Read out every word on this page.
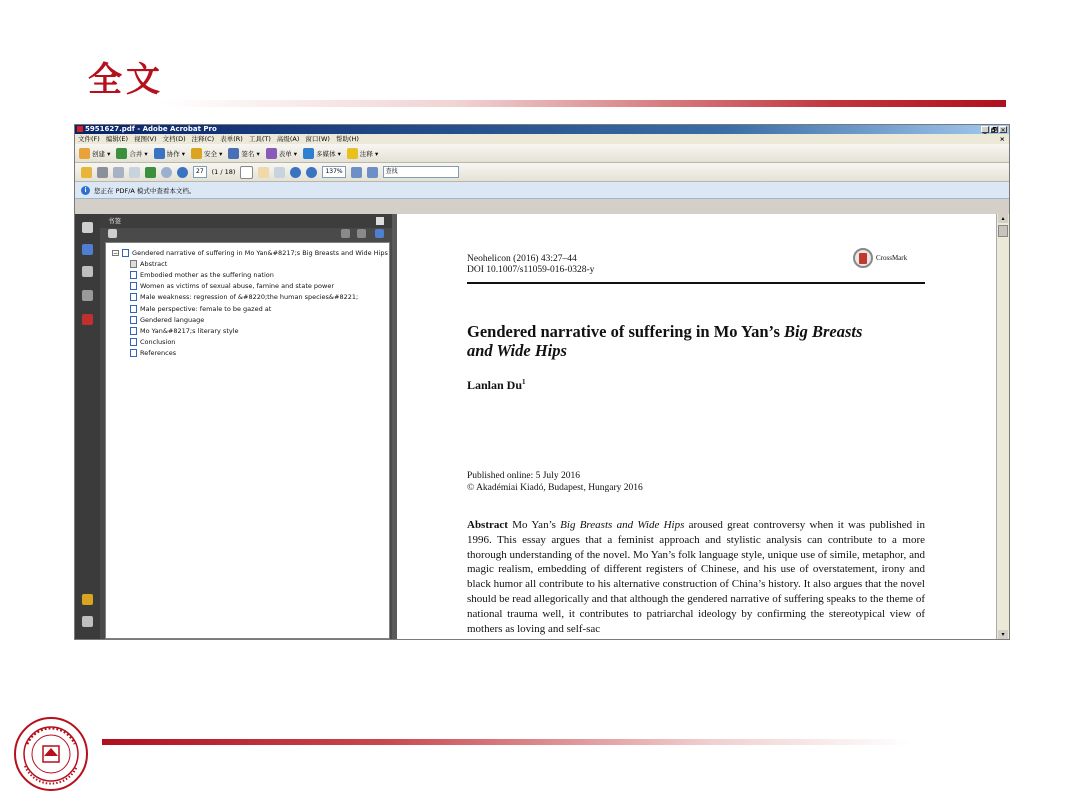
全文
5951627.pdf - Adobe Acrobat Pro	_ 🗗 ✕
文件(F) 编辑(E) 视图(V) 文档(D) 注释(C) 表单(R) 工具(T) 高级(A) 窗口(W) 帮助(H)	×
创建 ▾	合并 ▾	协作 ▾	安全 ▾	签名 ▾	表单 ▾	多媒体 ▾	注释 ▾
27	(1 / 18)	137%	查找
i	您正在 PDF/A 模式中查看本文档。
书签
− Gendered narrative of suffering in Mo Yan&#8217;s Big Breasts and Wide Hips
Abstract
Embodied mother as the suffering nation
Women as victims of sexual abuse, famine and state power
Male weakness: regression of &#8220;the human species&#8221;
Male perspective: female to be gazed at
Gendered language
Mo Yan&#8217;s literary style
Conclusion
References
Neohelicon (2016) 43:27–44
DOI 10.1007/s11059-016-0328-y
CrossMark
Gendered narrative of suffering in Mo Yan’s Big Breasts and Wide Hips
Lanlan Du$^1$
Published online: 5 July 2016
© Akadémiai Kiadó, Budapest, Hungary 2016
Abstract Mo Yan’s Big Breasts and Wide Hips aroused great controversy when it was published in 1996. This essay argues that a feminist approach and stylistic analysis can contribute to a more thorough understanding of the novel. Mo Yan’s folk language style, unique use of simile, metaphor, and magic realism, embedding of different registers of Chinese, and his use of overstatement, irony and black humor all contribute to his alternative construction of China’s history. It also argues that the novel should be read allegorically and that although the gendered narrative of suffering speaks to the theme of national trauma well, it contributes to patriarchal ideology by confirming the stereotypical view of mothers as loving and self-sac
▴
▾
